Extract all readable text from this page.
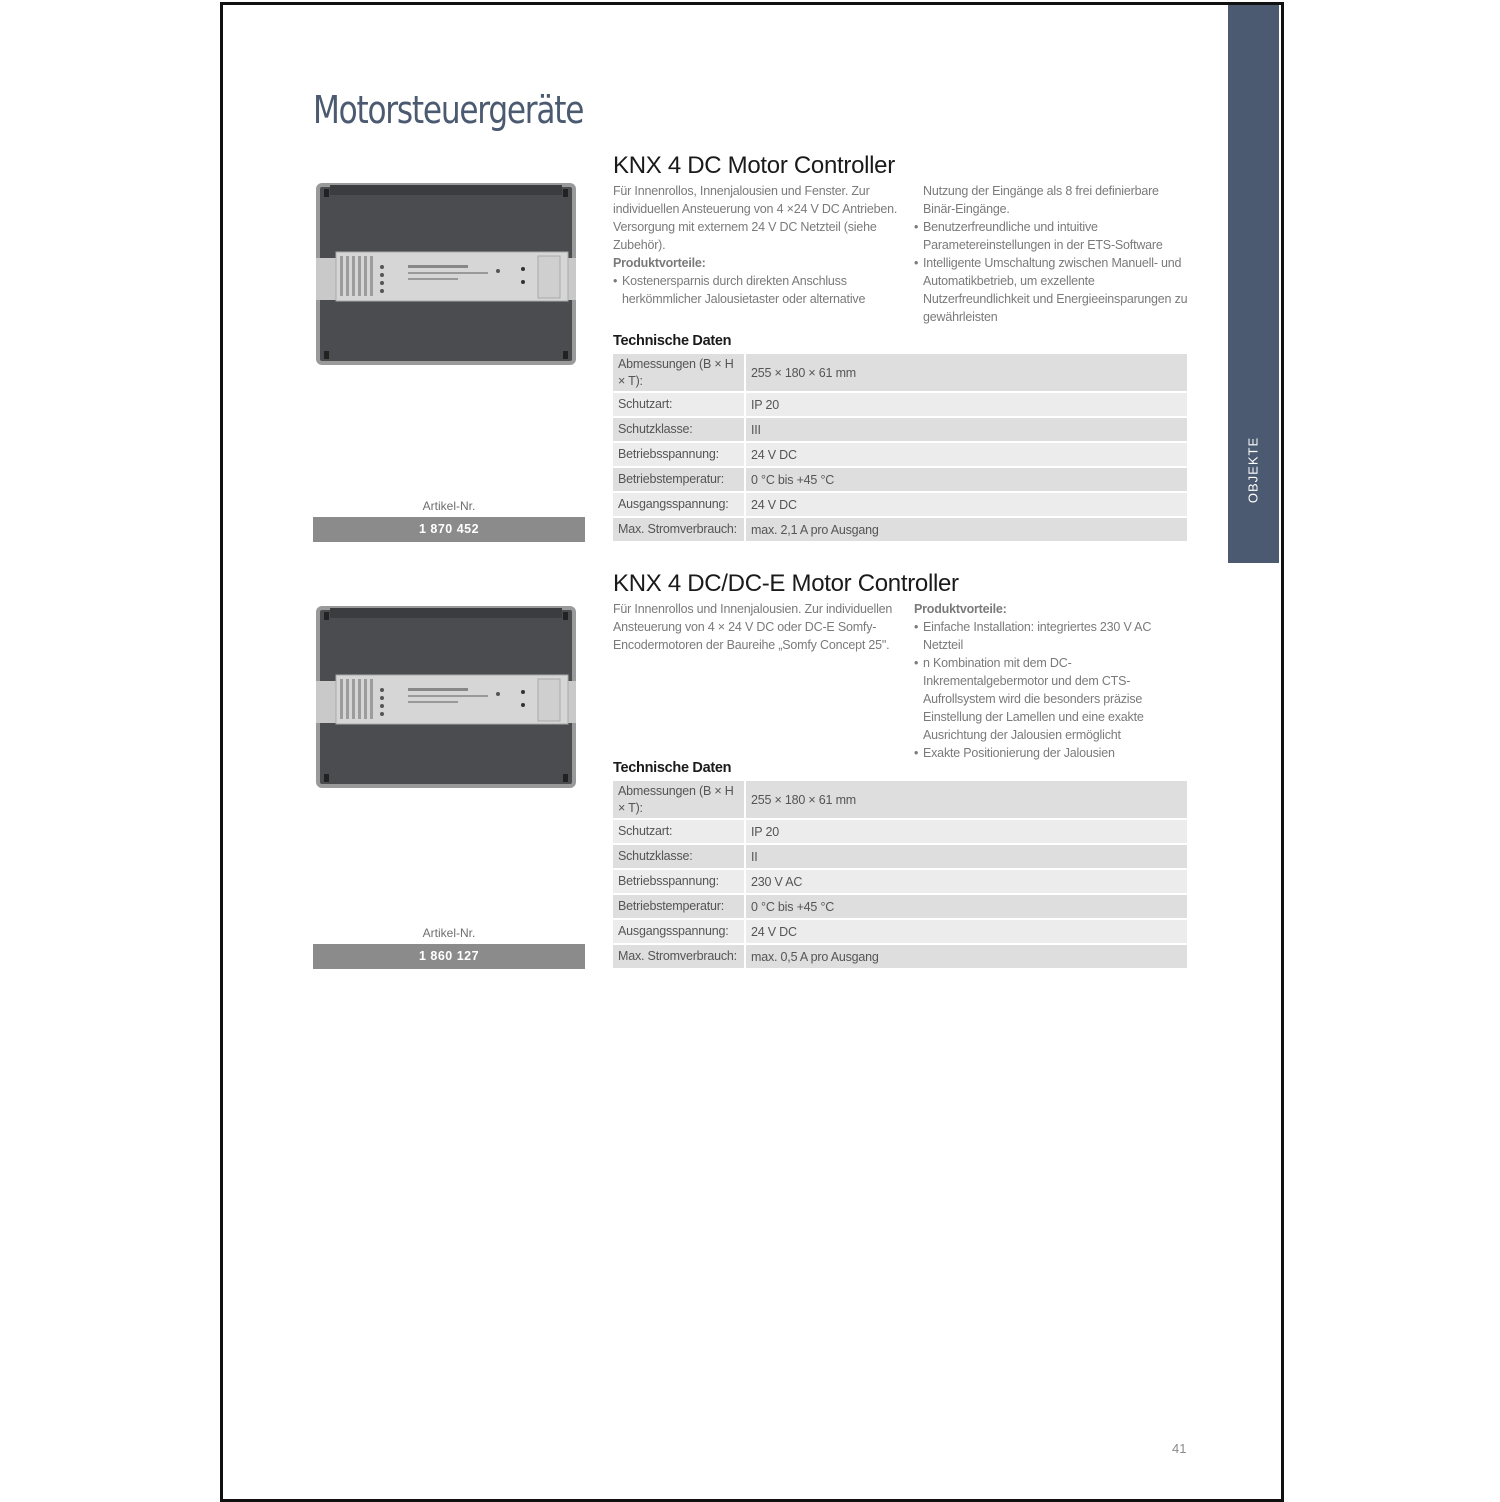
OBJEKTE
Motorsteuergeräte
KNX 4 DC Motor Controller

Für Innenrollos, Innenjalousien und Fenster. Zur individuellen Ansteuerung von 4 ×24 V DC Antrieben. Versorgung mit externem 24 V DC Netzteil (siehe Zubehör).

Produktvorteile:

• Kostenersparnis durch direkten Anschluss herkömmlicher Jalousietaster oder alternative
Nutzung der Eingänge als 8 frei definierbare Binär-Eingänge.
• Benutzerfreundliche und intuitive Parametereinstellungen in der ETS-Software
• Intelligente Umschaltung zwischen Manuell- und Automatikbetrieb, um exzellente Nutzerfreundlichkeit und Energieeinsparungen zu gewährleisten
Technische Daten
Abmessungen (B × H × T):	255 × 180 × 61 mm
Schutzart:	IP 20
Schutzklasse:	III
Betriebsspannung:	24 V DC
Betriebstemperatur:	0 °C bis +45 °C
Ausgangsspannung:	24 V DC
Max. Stromverbrauch:	max. 2,1 A pro Ausgang
Artikel-Nr.
1 870 452
KNX 4 DC/DC-E Motor Controller

Für Innenrollos und Innenjalousien. Zur individuellen Ansteuerung von 4 × 24 V DC oder DC-E Somfy-Encodermotoren der Baureihe „Somfy Concept 25".

Produktvorteile:

• Einfache Installation: integriertes 230 V AC Netzteil
• n Kombination mit dem DC-Inkrementalgebermotor und dem CTS-Aufrollsystem wird die besonders präzise Einstellung der Lamellen und eine exakte Ausrichtung der Jalousien ermöglicht
• Exakte Positionierung der Jalousien
Technische Daten
Abmessungen (B × H × T):	255 × 180 × 61 mm
Schutzart:	IP 20
Schutzklasse:	II
Betriebsspannung:	230 V AC
Betriebstemperatur:	0 °C bis +45 °C
Ausgangsspannung:	24 V DC
Max. Stromverbrauch:	max. 0,5 A pro Ausgang
Artikel-Nr.
1 860 127
41
